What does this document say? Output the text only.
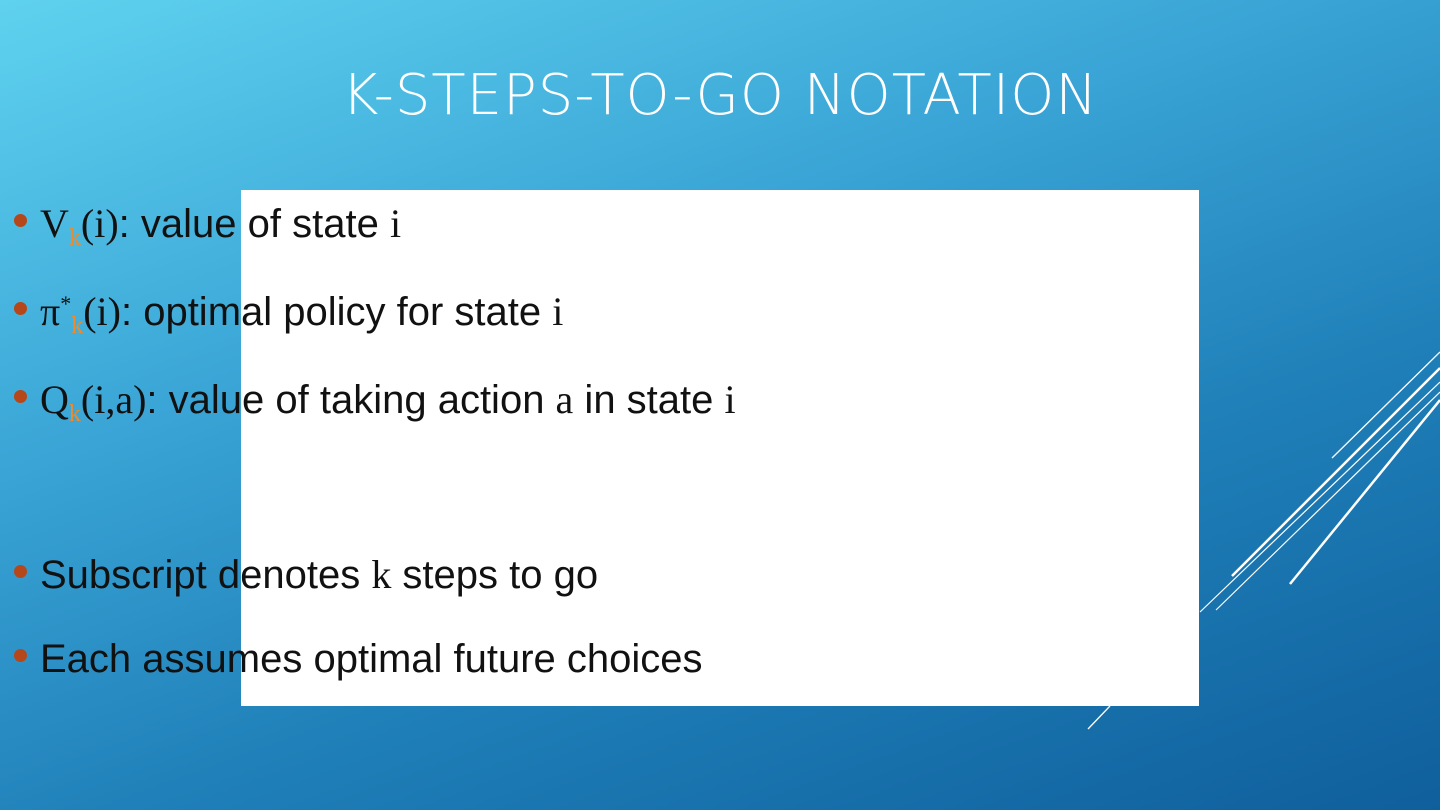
K-STEPS-TO-GO NOTATION
V k (i) : value of state i
π *
k (i) : optimal policy for state i
Q k (i,a) : value of taking action a in state i
Subscript denotes k steps to go
Each assumes optimal future choices
